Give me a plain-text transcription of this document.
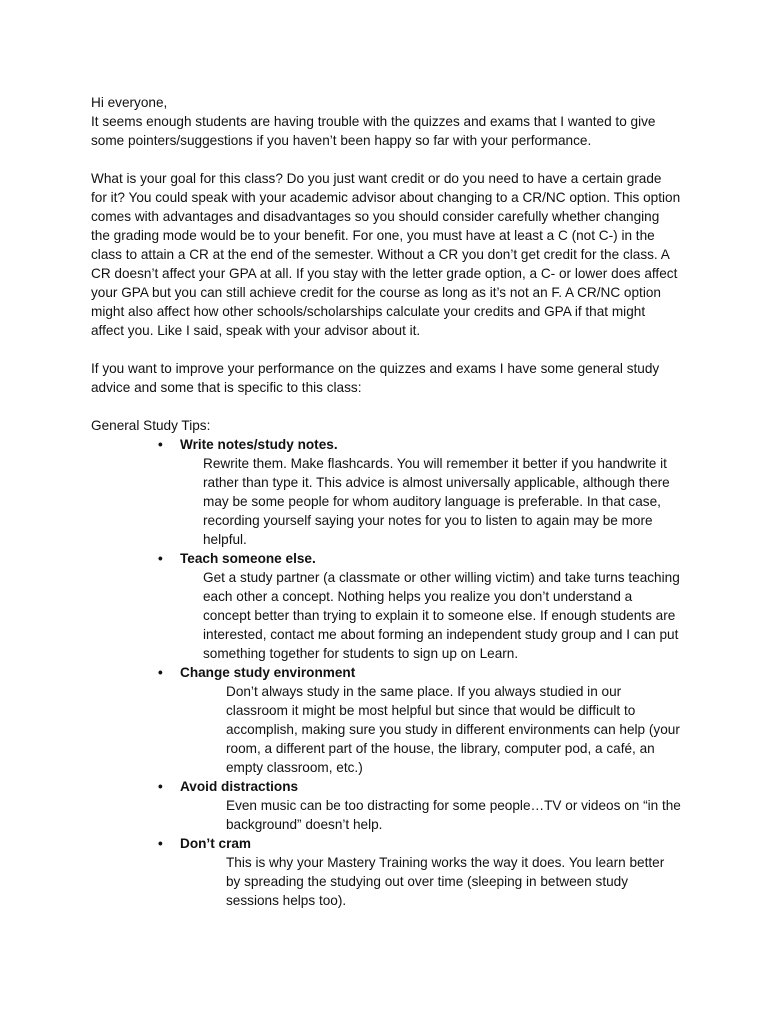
Hi everyone,

It seems enough students are having trouble with the quizzes and exams that I wanted to give some pointers/suggestions if you haven’t been happy so far with your performance.

What is your goal for this class? Do you just want credit or do you need to have a certain grade for it? You could speak with your academic advisor about changing to a CR/NC option. This option comes with advantages and disadvantages so you should consider carefully whether changing the grading mode would be to your benefit. For one, you must have at least a C (not C-) in the class to attain a CR at the end of the semester. Without a CR you don’t get credit for the class. A CR doesn’t affect your GPA at all. If you stay with the letter grade option, a C- or lower does affect your GPA but you can still achieve credit for the course as long as it’s not an F. A CR/NC option might also affect how other schools/scholarships calculate your credits and GPA if that might affect you. Like I said, speak with your advisor about it.

If you want to improve your performance on the quizzes and exams I have some general study advice and some that is specific to this class:

General Study Tips:

• Write notes/study notes.
Rewrite them. Make flashcards. You will remember it better if you handwrite it rather than type it. This advice is almost universally applicable, although there may be some people for whom auditory language is preferable. In that case, recording yourself saying your notes for you to listen to again may be more helpful.
• Teach someone else.
Get a study partner (a classmate or other willing victim) and take turns teaching each other a concept. Nothing helps you realize you don’t understand a concept better than trying to explain it to someone else. If enough students are interested, contact me about forming an independent study group and I can put something together for students to sign up on Learn.
• Change study environment
Don’t always study in the same place. If you always studied in our classroom it might be most helpful but since that would be difficult to accomplish, making sure you study in different environments can help (your room, a different part of the house, the library, computer pod, a café, an empty classroom, etc.)
• Avoid distractions
Even music can be too distracting for some people…TV or videos on “in the background” doesn’t help.
• Don’t cram
This is why your Mastery Training works the way it does. You learn better by spreading the studying out over time (sleeping in between study sessions helps too).
